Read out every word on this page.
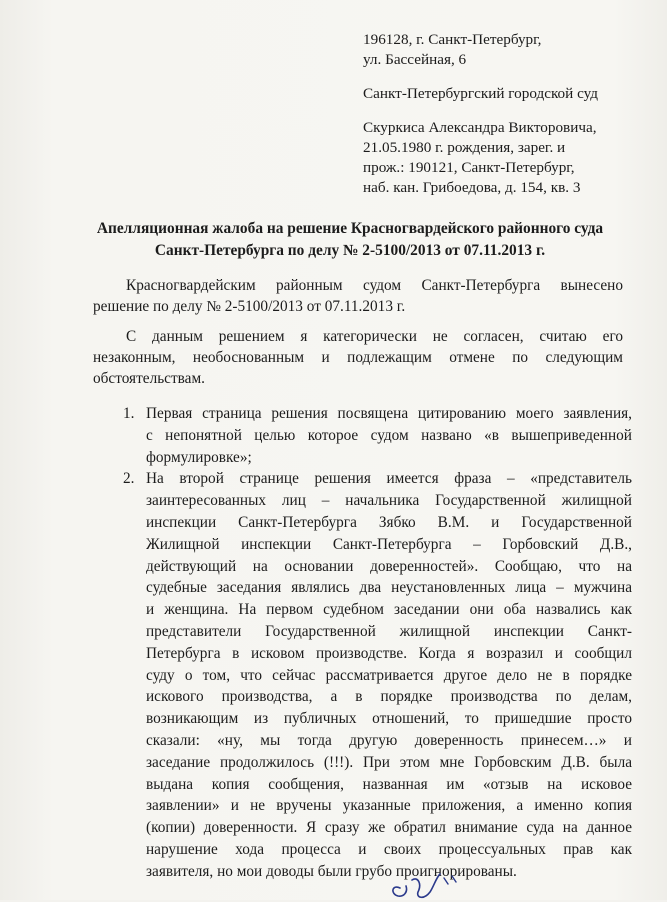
196128, г. Санкт-Петербург,
ул. Бассейная, 6
Санкт-Петербургский городской суд
Скуркиса Александра Викторовича,
21.05.1980 г. рождения, зарег. и
прож.: 190121, Санкт-Петербург,
наб. кан. Грибоедова, д. 154, кв. 3
Апелляционная жалоба на решение Красногвардейского районного суда
Санкт-Петербурга по делу № 2-5100/2013 от 07.11.2013 г.
Красногвардейским районным судом Санкт-Петербурга вынесено
решение по делу № 2-5100/2013 от 07.11.2013 г.
С данным решением я категорически не согласен, считаю его
незаконным, необоснованным и подлежащим отмене по следующим
обстоятельствам.
1. Первая страница решения посвящена цитированию моего заявления,
с непонятной целью которое судом названо «в вышеприведенной
формулировке»;
2. На второй странице решения имеется фраза – «представитель
заинтересованных лиц – начальника Государственной жилищной
инспекции Санкт-Петербурга Зябко В.М. и Государственной
Жилищной инспекции Санкт-Петербурга – Горбовский Д.В.,
действующий на основании доверенностей». Сообщаю, что на
судебные заседания являлись два неустановленных лица – мужчина
и женщина. На первом судебном заседании они оба назвались как
представители Государственной жилищной инспекции Санкт-
Петербурга в исковом производстве. Когда я возразил и сообщил
суду о том, что сейчас рассматривается другое дело не в порядке
искового производства, а в порядке производства по делам,
возникающим из публичных отношений, то пришедшие просто
сказали: «ну, мы тогда другую доверенность принесем…» и
заседание продолжилось (!!!). При этом мне Горбовским Д.В. была
выдана копия сообщения, названная им «отзыв на исковое
заявлении» и не вручены указанные приложения, а именно копия
(копии) доверенности. Я сразу же обратил внимание суда на данное
нарушение хода процесса и своих процессуальных прав как
заявителя, но мои доводы были грубо проигнорированы.
